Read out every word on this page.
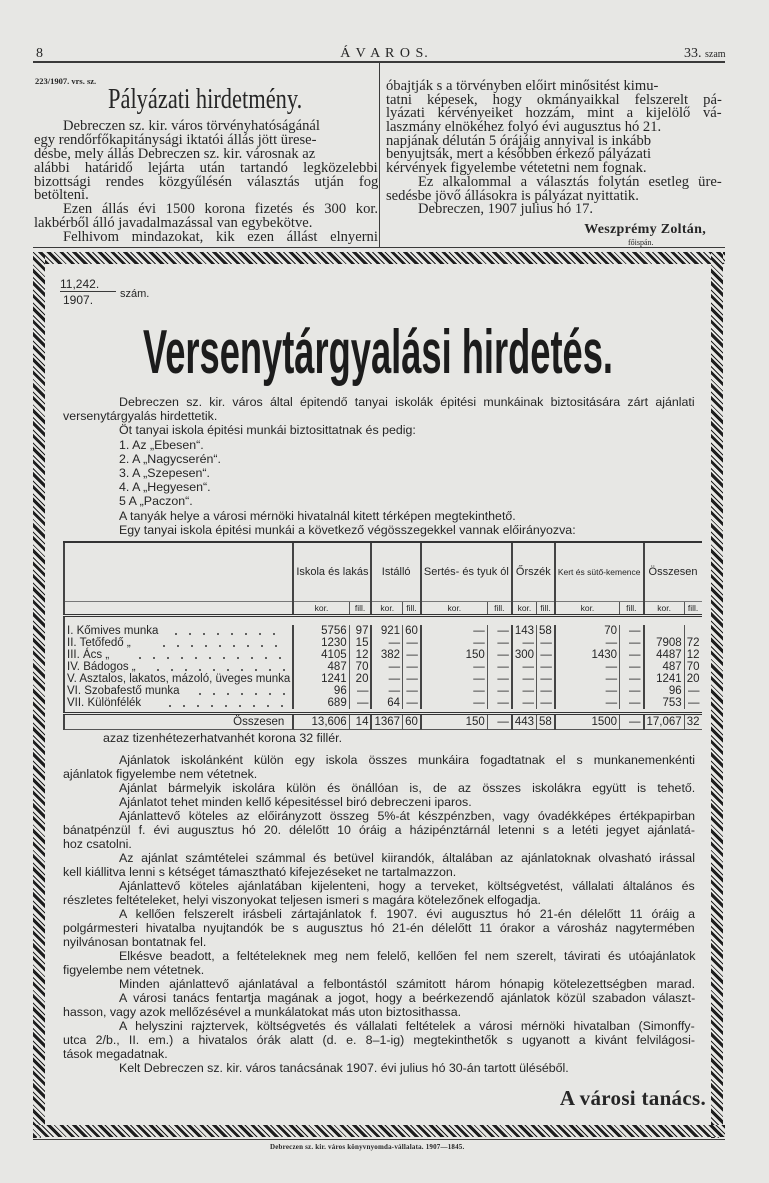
8	Á V A R O S.	33. szam
223/1907. vrs. sz.
Pályázati hirdetmény.
Debreczen sz. kir. város törvényhatóságánál
egy rendőrfőkapitánysági iktatói állás jött ürese-
désbe, mely állás Debreczen sz. kir. városnak az
alábbi határidő lejárta után tartandó legközelebbi
bizottsági rendes közgyűlésén választás utján fog
betölteni.
Ezen állás évi 1500 korona fizetés és 300 kor.
lakbérből álló javadalmazással van egybekötve.
Felhivom mindazokat, kik ezen állást elnyerni
óbajtják s a törvényben előirt minősitést kimu-
tatni képesek, hogy okmányaikkal felszerelt pá-
lyázati kérvényeiket hozzám, mint a kijelölő vá-
laszmány elnökéhez folyó évi augusztus hó 21.
napjának délután 5 órájáig annyival is inkább
benyujtsák, mert a későbben érkező pályázati
kérvények figyelembe vétetetni nem fognak.
Ez alkalommal a választás folytán esetleg üre-
sedésbe jövő állásokra is pályázat nyittatik.
Debreczen, 1907 julius hó 17.
Weszprémy Zoltán,
főispán.
11,242.
1907. szám.
Versenytárgyalási hirdetés.
Debreczen sz. kir. város által épitendő tanyai iskolák épitési munkáinak biztositására zárt ajánlati
versenytárgyalás hirdettetik.
Öt tanyai iskola épitési munkái biztosittatnak és pedig:
1. Az „Ebesen“.
2. A „Nagycserén“.
3. A „Szepesen“.
4. A „Hegyesen“.
5 A „Paczon“.
A tanyák helye a városi mérnöki hivatalnál kitett térképen megtekinthető.
Egy tanyai iskola épitési munkái a következő végösszegekkel vannak előirányozva:
	Iskola és lakás		Istálló		Sertés- és tyuk ól		Őrszék		Kert és sütő-kemence		Összesen	
	kor.	fill.	kor.	fill.	kor.	fill.	kor.	fill.	kor.	fill.	kor.	fill.

I. Kőmives munka	5756	97	921	60	—	—	143	58	70	—		
II. Tetőfedő „	1230	15	—	—	—	—	—	—	—	—	7908	72
III. Ács „	4105	12	382	—	150	—	300	—	1430	—	4487	12
IV. Bádogos „	487	70	—	—	—	—	—	—	—	—	487	70
V. Asztalos, lakatos, mázoló, üveges munka	1241	20	—	—	—	—	—	—	—	—	1241	20
VI. Szobafestő munka	96	—	—	—	—	—	—	—	—	—	96	—
VII. Különfélék	689	—	64	—	—	—	—	—	—	—	753	—

Összesen	13,606	14	1367	60	150	—	443	58	1500	—	17,067	32
azaz tizenhétezerhatvanhét korona 32 fillér.
Ajánlatok iskolánként külön egy iskola összes munkáira fogadtatnak el s munkanemenkénti
ajánlatok figyelembe nem vétetnek.
Ajánlat bármelyik iskolára külön és önállóan is, de az összes iskolákra együtt is tehető.
Ajánlatot tehet minden kellő képesitéssel biró debreczeni iparos.
Ajánlattevő köteles az előirányzott összeg 5%-át készpénzben, vagy óvadékképes értékpapirban
bánatpénzül f. évi augusztus hó 20. délelőtt 10 óráig a házipénztárnál letenni s a letéti jegyet ajánlatá-
hoz csatolni.
Az ajánlat számtételei számmal és betüvel kiirandók, általában az ajánlatoknak olvasható irással
kell kiállitva lenni s kétséget támasztható kifejezéseket ne tartalmazzon.
Ajánlattevő köteles ajánlatában kijelenteni, hogy a terveket, költségvetést, vállalati általános és
részletes feltételeket, helyi viszonyokat teljesen ismeri s magára kötelezőnek elfogadja.
A kellően felszerelt irásbeli zártajánlatok f. 1907. évi augusztus hó 21-én délelőtt 11 óráig a
polgármesteri hivatalba nyujtandók be s augusztus hó 21-én délelőtt 11 órakor a városház nagytermében
nyilvánosan bontatnak fel.
Elkésve beadott, a feltételeknek meg nem felelő, kellően fel nem szerelt, távirati és utóajánlatok
figyelembe nem vétetnek.
Minden ajánlattevő ajánlatával a felbontástól számitott három hónapig kötelezettségben marad.
A városi tanács fentartja magának a jogot, hogy a beérkezendő ajánlatok közül szabadon választ-
hasson, vagy azok mellőzésével a munkálatokat más uton biztosithassa.
A helyszini rajztervek, költségvetés és vállalati feltételek a városi mérnöki hivatalban (Simonffy-
utca 2/b., II. em.) a hivatalos órák alatt (d. e. 8–1-ig) megtekinthetők s ugyanott a kivánt felvilágosi-
tások megadatnak.
Kelt Debreczen sz. kir. város tanácsának 1907. évi julius hó 30-án tartott üléséből.
A városi tanács.
Debreczen sz. kir. város könyvnyomda-vállalata. 1907—1845.
